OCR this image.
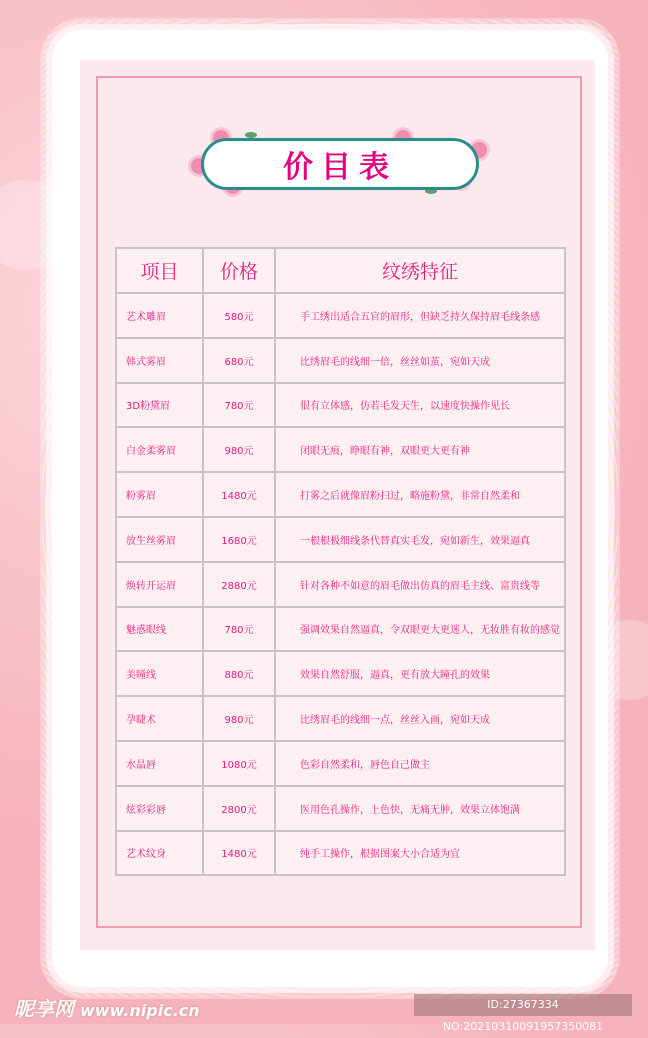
价目表
项目	价格	纹绣特征
艺术雕眉	580元	手工绣出适合五官的眉形，但缺乏持久保持眉毛线条感
韩式雾眉	680元	比绣眉毛的线细一倍，丝丝如茧，宛如天成
3D粉黛眉	780元	很有立体感，仿若毛发天生，以速度快操作见长
白金柔雾眉	980元	闭眼无痕，睁眼有神，双眼更大更有神
粉雾眉	1480元	打雾之后就像眉粉扫过，略施粉黛，非常自然柔和
放生丝雾眉	1680元	一根根极细线条代替真实毛发，宛如新生，效果逼真
焕转开运眉	2880元	针对各种不如意的眉毛做出仿真的眉毛主线、富贵线等
魅惑眼线	780元	强调效果自然逼真，令双眼更大更迷人，无妆胜有妆的感觉
美瞳线	880元	效果自然舒服，逼真，更有放大瞳孔的效果
孕睫术	980元	比绣眉毛的线细一点，丝丝入画，宛如天成
水晶唇	1080元	色彩自然柔和，唇色自己做主
炫彩彩唇	2800元	医用色孔操作，上色快，无痛无肿，效果立体饱满
艺术纹身	1480元	纯手工操作，根据图案大小合适为宜
昵享网 www.nipic.cn	ID:27367334 NO:20210310091957350081
